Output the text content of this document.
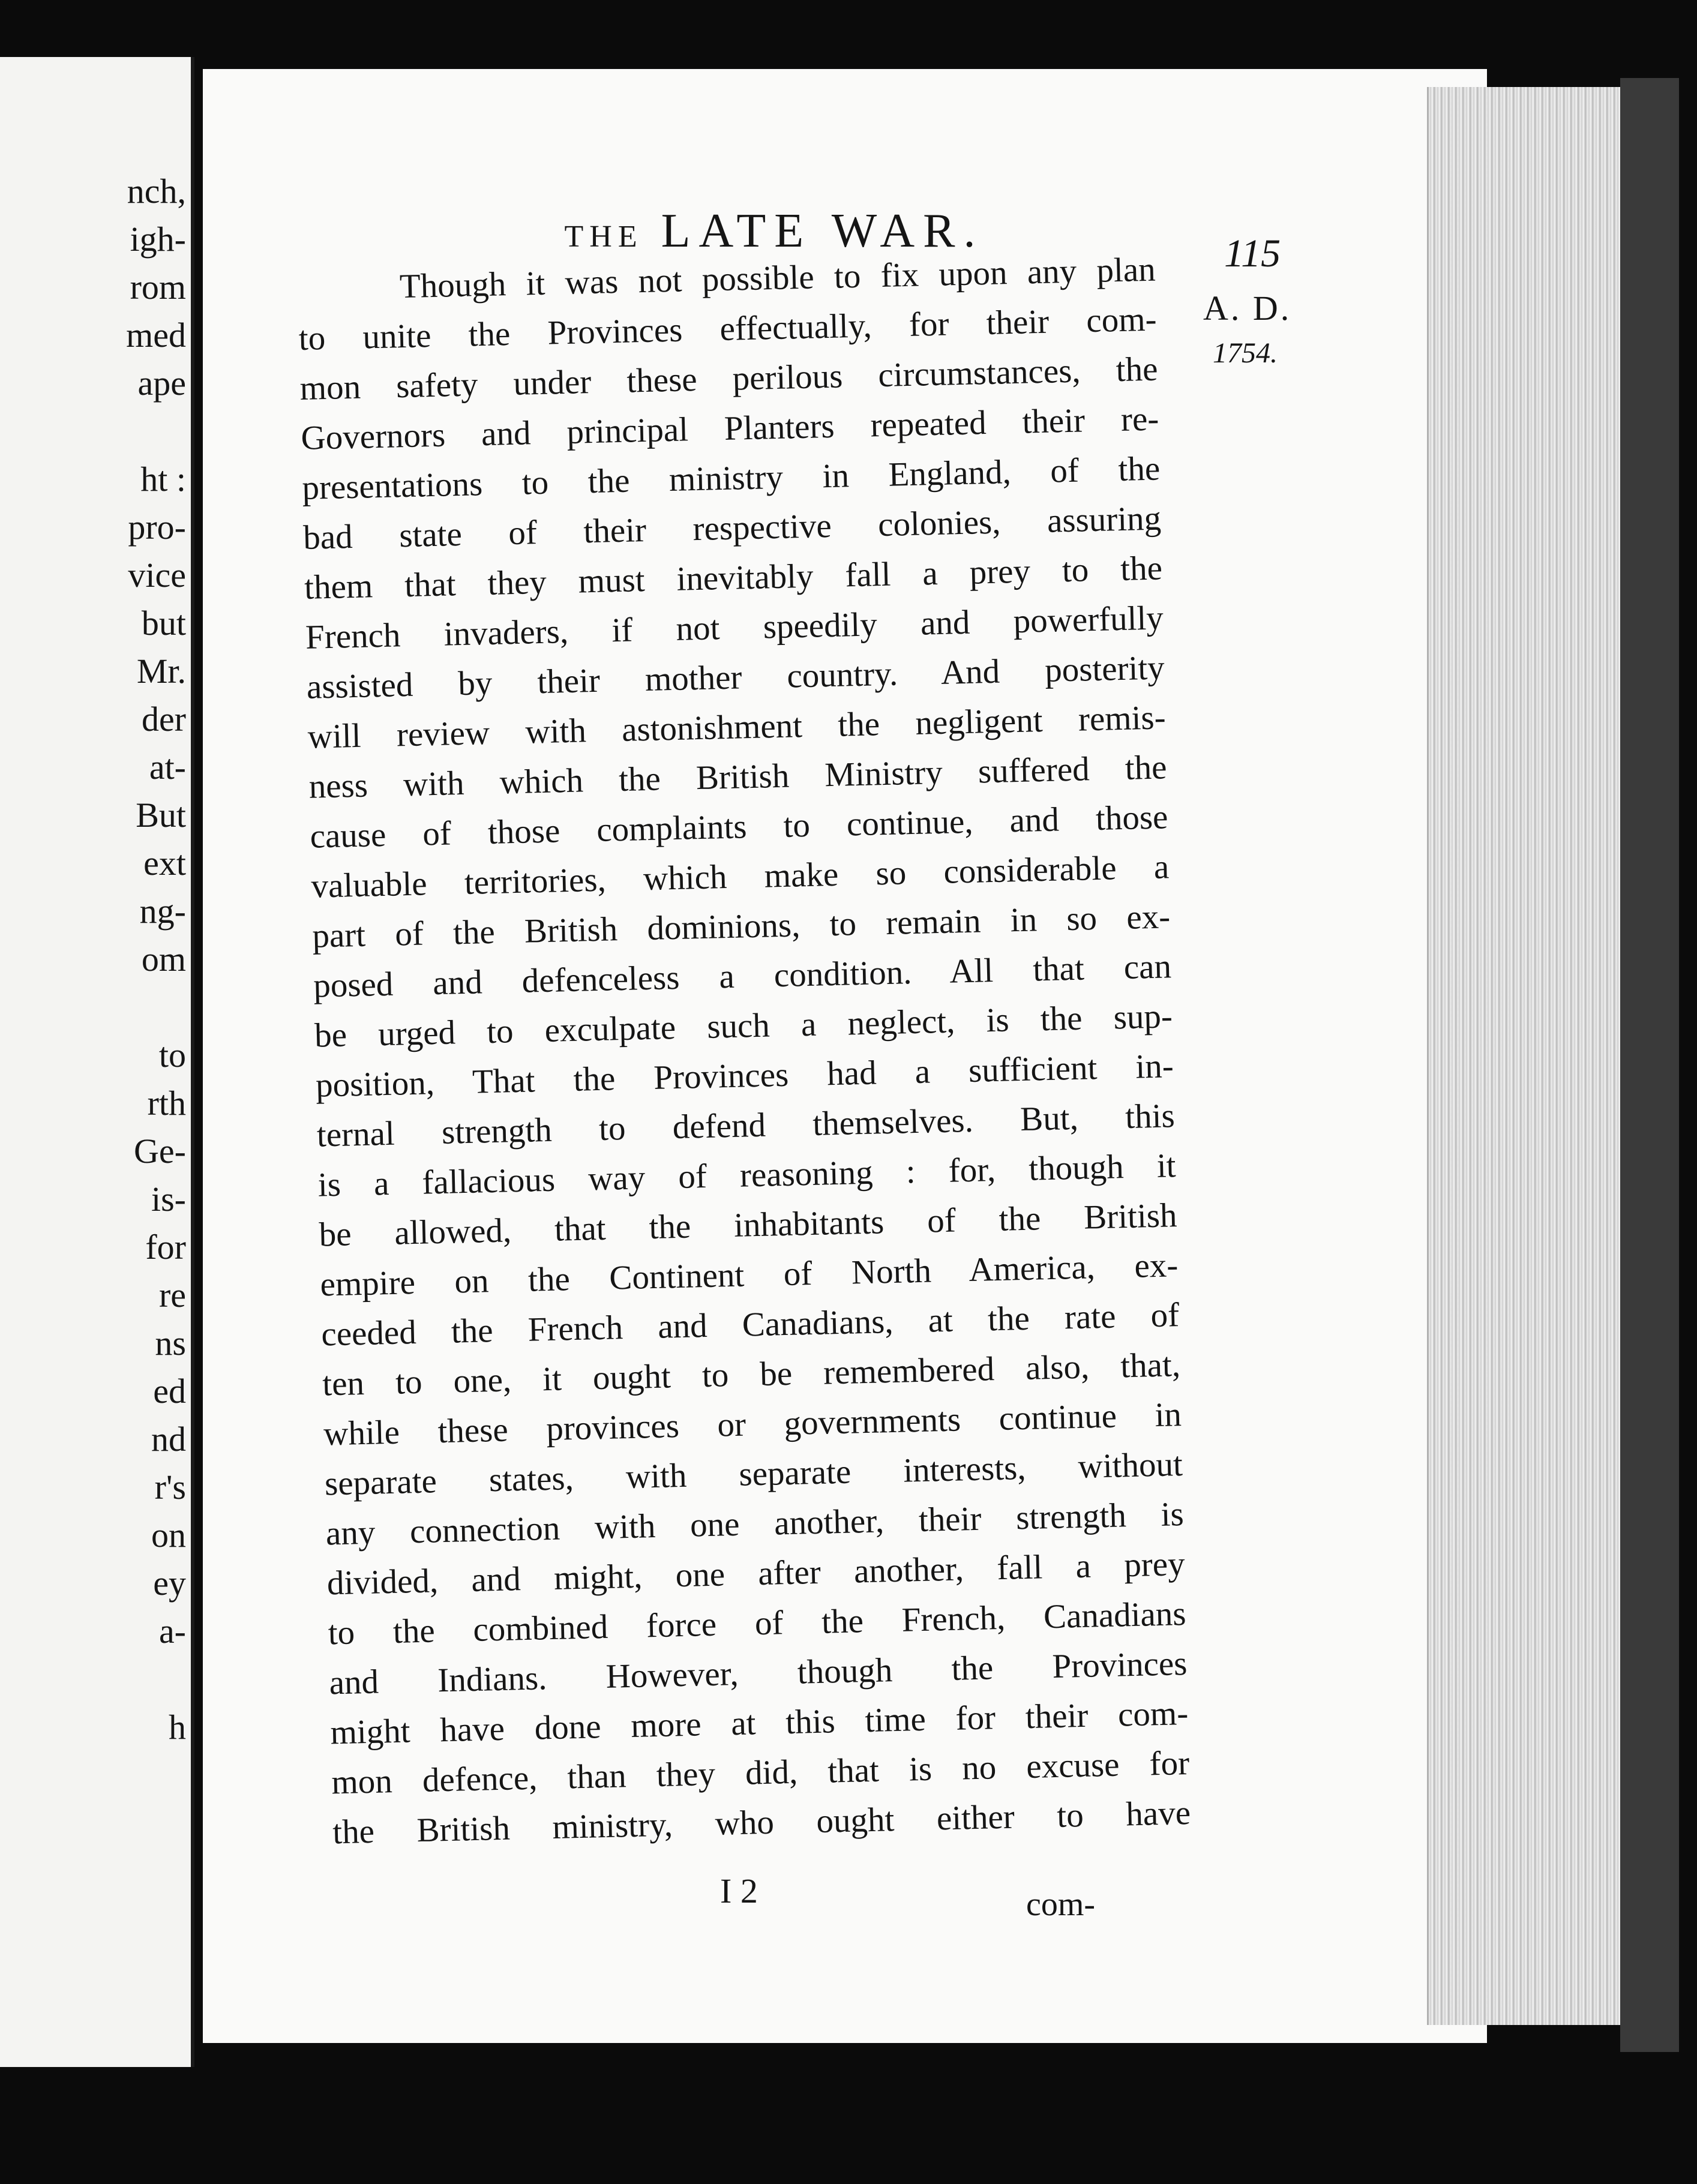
nch,
igh-
rom
med
ape
ht :
pro-
vice
but
Mr.
der
at-
But
ext
ng-
om
to
rth
Ge-
is-
for
re
ns
ed
nd
r's
on
ey
a-
h
THE LATE WAR.	115
A. D.
1754.
Though it was not possible to fix upon any plan
to unite the Provinces effectually, for their com-
mon safety under these perilous circumstances, the
Governors and principal Planters repeated their re-
presentations to the ministry in England, of the
bad state of their respective colonies, assuring
them that they must inevitably fall a prey to the
French invaders, if not speedily and powerfully
assisted by their mother country. And posterity
will review with astonishment the negligent remis-
ness with which the British Ministry suffered the
cause of those complaints to continue, and those
valuable territories, which make so considerable a
part of the British dominions, to remain in so ex-
posed and defenceless a condition. All that can
be urged to exculpate such a neglect, is the sup-
position, That the Provinces had a sufficient in-
ternal strength to defend themselves. But, this
is a fallacious way of reasoning : for, though it
be allowed, that the inhabitants of the British
empire on the Continent of North America, ex-
ceeded the French and Canadians, at the rate of
ten to one, it ought to be remembered also, that,
while these provinces or governments continue in
separate states, with separate interests, without
any connection with one another, their strength is
divided, and might, one after another, fall a prey
to the combined force of the French, Canadians
and Indians. However, though the Provinces
might have done more at this time for their com-
mon defence, than they did, that is no excuse for
the British ministry, who ought either to have
I 2	com-
